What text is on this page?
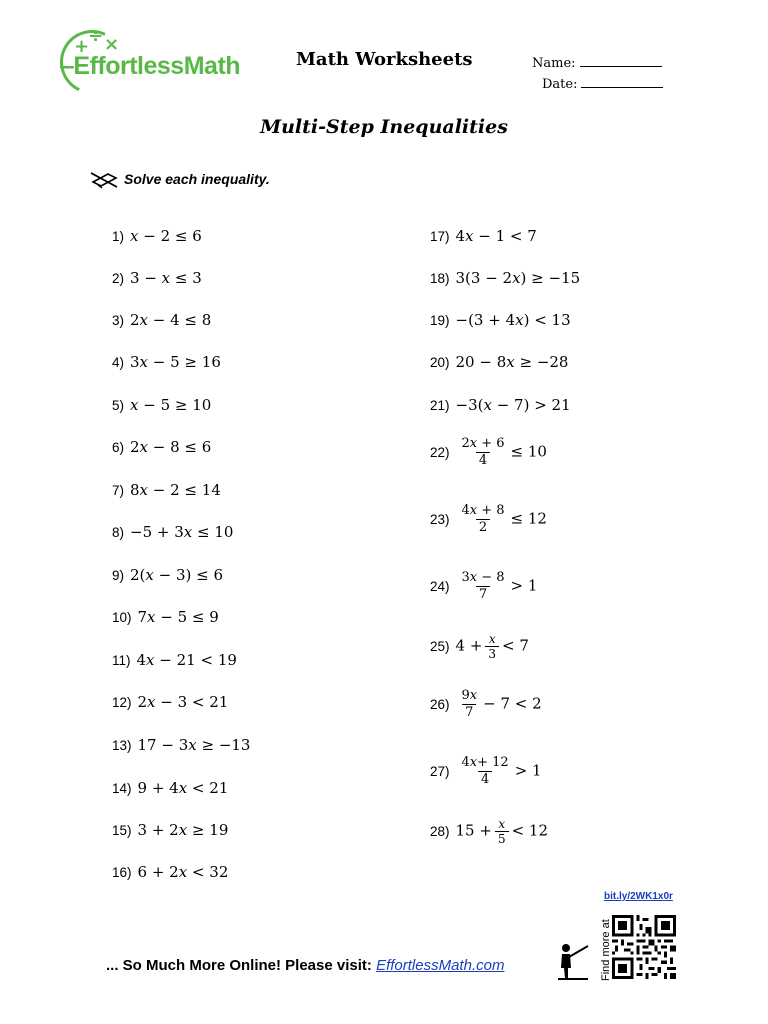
+
÷ ×
‒EffortlessMath	Math Worksheets	Name:
Date:
Multi-Step Inequalities
Solve each inequality.
1) 𝑥 − 2 ≤ 6
2) 3 − 𝑥 ≤ 3
3) 2𝑥 − 4 ≤ 8
4) 3𝑥 − 5 ≥ 16
5) 𝑥 − 5 ≥ 10
6) 2𝑥 − 8 ≤ 6
7) 8𝑥 − 2 ≤ 14
8) −5 + 3𝑥 ≤ 10
9) 2(𝑥 − 3) ≤ 6
10) 7𝑥 − 5 ≤ 9
11) 4𝑥 − 21 < 19
12) 2𝑥 − 3 < 21
13) 17 − 3𝑥 ≥ −13
14) 9 + 4𝑥 < 21
15) 3 + 2𝑥 ≥ 19
16) 6 + 2𝑥 < 32
17) 4𝑥 − 1 < 7
18) 3(3 − 2𝑥) ≥ −15
19) −(3 + 4𝑥) < 13
20) 20 − 8𝑥 ≥ −28
21) −3(𝑥 − 7) > 21
$22) \frac{\text{2𝑥 + 6}}{4} \le 10$
$23) \frac{\text{4𝑥 + 8}}{2} \le 12$
$24) \frac{\text{3𝑥 − 8}}{7} > 1$
25) $4 + \frac{\text{𝑥}}{3} < 7$
$26) \frac{\text{9𝑥}}{7} - 7 < 2$
$27) \frac{\text{4𝑥+ 12}}{4} > 1$
28) $15 + \frac{\text{𝑥}}{5} < 12$
bit.ly/2WK1x0r
... So Much More Online! Please visit: EffortlessMath.com	Find more at
